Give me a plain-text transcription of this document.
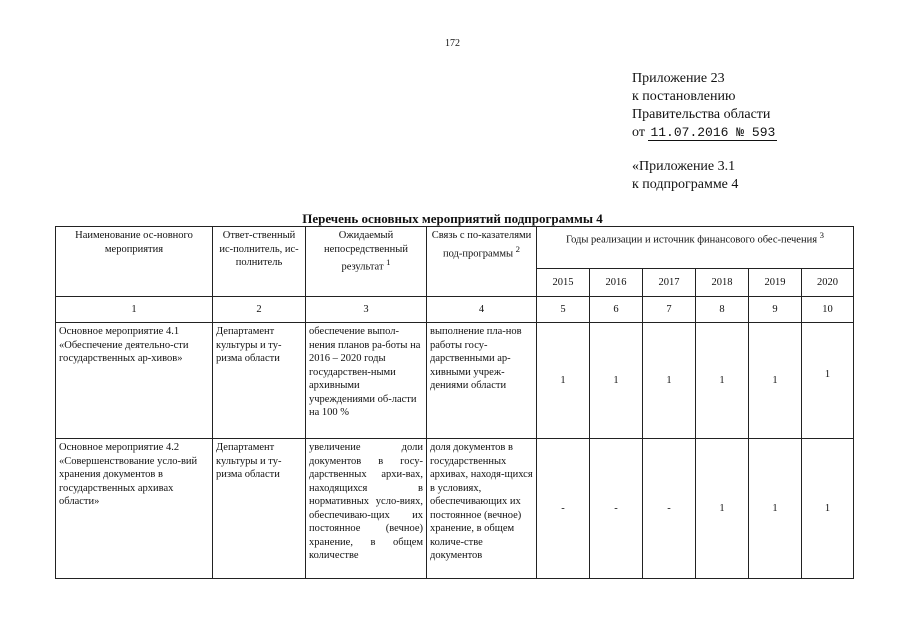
172
Приложение 23
к постановлению
Правительства области
от 11.07.2016 № 593
«Приложение 3.1
к подпрограмме 4
Перечень основных мероприятий подпрограммы 4
Наименование ос-новного мероприятия	Ответ-ственный ис-полнитель, ис-полнитель	Ожидаемый непосредственный результат $^1$	Связь с по-казателями под-программы $^2$	Годы реализации и источник финансового обес-печения $^3$
				2015	2016	2017	2018	2019	2020
1	2	3	4	5	6	7	8	9	10
Основное мероприятие 4.1 «Обеспечение деятельно-сти государственных ар-хивов»	Департамент культуры и ту-ризма области	обеспечение выпол-нения планов ра-боты на 2016 – 2020 годы государствен-ными архивными учреждениями об-ласти на 100 %	выполнение пла-нов работы госу-дарственными ар-хивными учреж-дениями области	1	1	1	1	1	1
Основное мероприятие 4.2 «Совершенствование усло-вий хранения документов в государственных архивах области»	Департамент культуры и ту-ризма области	увеличение доли документов в госу-дарственных архи-вах, находящихся в нормативных усло-виях, обеспечиваю-щих их постоянное (вечное) хранение, в общем количестве	доля документов в государственных архивах, находя-щихся в условиях, обеспечивающих их постоянное (вечное) хранение, в общем количе-стве документов	-	-	-	1	1	1
